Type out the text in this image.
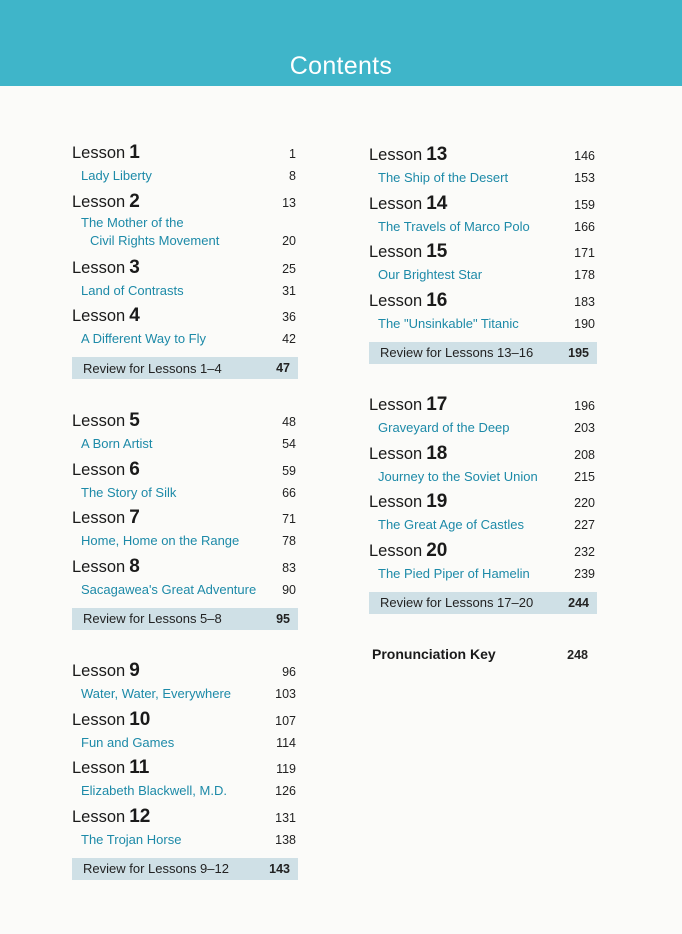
Contents
Lesson 1	1
Lady Liberty	8
Lesson 2	13
The Mother of the
Civil Rights Movement	20
Lesson 3	25
Land of Contrasts	31
Lesson 4	36
A Different Way to Fly	42
Review for Lessons 1–4	47
Lesson 5	48
A Born Artist	54
Lesson 6	59
The Story of Silk	66
Lesson 7	71
Home, Home on the Range	78
Lesson 8	83
Sacagawea's Great Adventure 90
Review for Lessons 5–8	95
Lesson 9	96
Water, Water, Everywhere	103
Lesson 10	107
Fun and Games	114
Lesson 11	119
Elizabeth Blackwell, M.D.	126
Lesson 12	131
The Trojan Horse	138
Review for Lessons 9–12	143
Lesson 13	146
The Ship of the Desert	153
Lesson 14	159
The Travels of Marco Polo	166
Lesson 15	171
Our Brightest Star	178
Lesson 16	183
The "Unsinkable" Titanic	190
Review for Lessons 13–16	195
Lesson 17	196
Graveyard of the Deep	203
Lesson 18	208
Journey to the Soviet Union	215
Lesson 19	220
The Great Age of Castles	227
Lesson 20	232
The Pied Piper of Hamelin	239
Review for Lessons 17–20	244
Pronunciation Key	248
